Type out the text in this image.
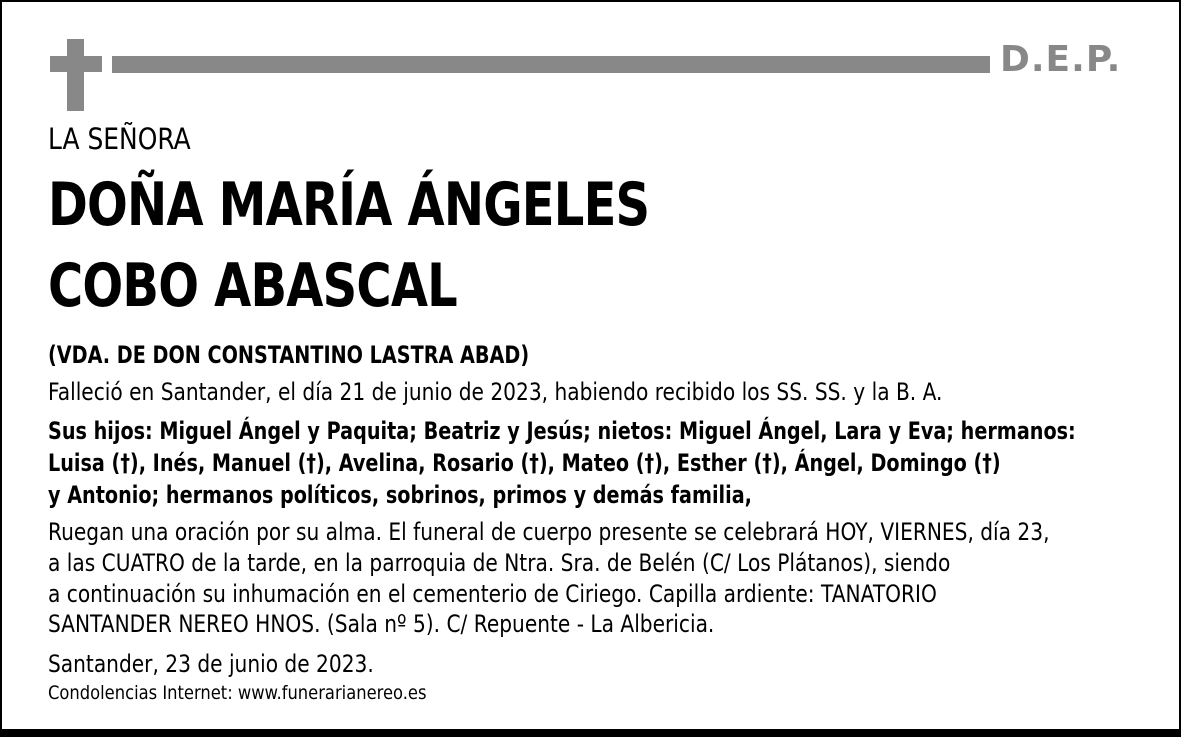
D.E.P.
LA SEÑORA
DOÑA MARÍA ÁNGELES
COBO ABASCAL
(VDA. DE DON CONSTANTINO LASTRA ABAD)
Falleció en Santander, el día 21 de junio de 2023, habiendo recibido los SS. SS. y la B. A.
Sus hijos: Miguel Ángel y Paquita; Beatriz y Jesús; nietos: Miguel Ángel, Lara y Eva; hermanos:
Luisa (†), Inés, Manuel (†), Avelina, Rosario (†), Mateo (†), Esther (†), Ángel, Domingo (†)
y Antonio; hermanos políticos, sobrinos, primos y demás familia,
Ruegan una oración por su alma. El funeral de cuerpo presente se celebrará HOY, VIERNES, día 23,
a las CUATRO de la tarde, en la parroquia de Ntra. Sra. de Belén (C/ Los Plátanos), siendo
a continuación su inhumación en el cementerio de Ciriego. Capilla ardiente: TANATORIO
SANTANDER NEREO HNOS. (Sala nº 5). C/ Repuente - La Albericia.
Santander, 23 de junio de 2023.
Condolencias Internet: www.funerarianereo.es
